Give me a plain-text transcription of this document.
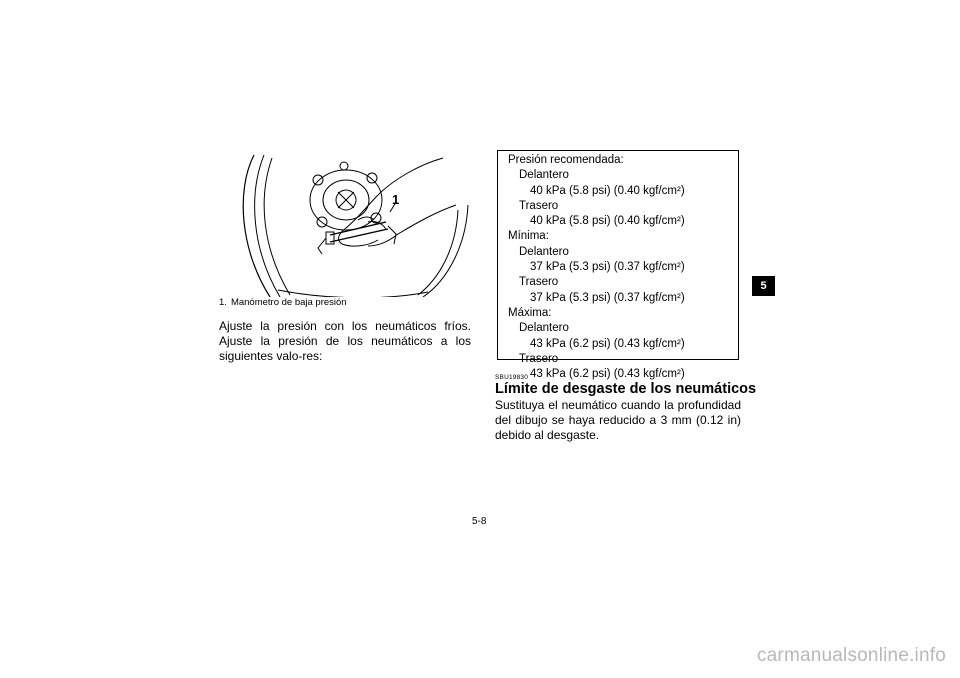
1
1. Manómetro de baja presión
Ajuste la presión con los neumáticos fríos. Ajuste la presión de los neumáticos a los siguientes valo-res:
Presión recomendada:
Delantero
40 kPa (5.8 psi) (0.40 kgf/cm²)
Trasero
40 kPa (5.8 psi) (0.40 kgf/cm²)
Mínima:
Delantero
37 kPa (5.3 psi) (0.37 kgf/cm²)
Trasero
37 kPa (5.3 psi) (0.37 kgf/cm²)
Máxima:
Delantero
43 kPa (6.2 psi) (0.43 kgf/cm²)
Trasero
43 kPa (6.2 psi) (0.43 kgf/cm²)
SBU19830
Límite de desgaste de los neumáticos
Sustituya el neumático cuando la profundidad del dibujo se haya reducido a 3 mm (0.12 in) debido al desgaste.
5
5-8
carmanualsonline.info
